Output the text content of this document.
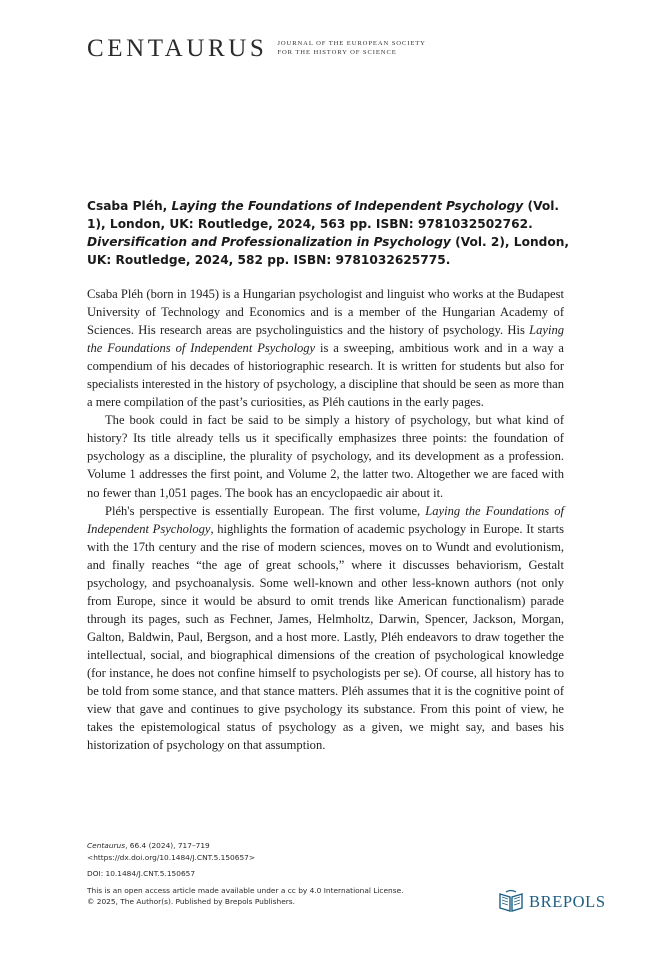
CENTAURUS JOURNAL OF THE EUROPEAN SOCIETY
FOR THE HISTORY OF SCIENCE
Csaba Pléh, Laying the Foundations of Independent Psychology (Vol. 1), London, UK: Routledge, 2024, 563 pp. ISBN: 9781032502762.
Diversification and Professionalization in Psychology (Vol. 2), London, UK: Routledge, 2024, 582 pp. ISBN: 9781032625775.

Csaba Pléh (born in 1945) is a Hungarian psychologist and linguist who works at the Budapest University of Technology and Economics and is a member of the Hungarian Academy of Sciences. His research areas are psycholinguistics and the history of psychology. His Laying the Foundations of Independent Psychology is a sweeping, ambitious work and in a way a compendium of his decades of historiographic research. It is written for students but also for specialists interested in the history of psychology, a discipline that should be seen as more than a mere compilation of the past’s curiosities, as Pléh cautions in the early pages.

The book could in fact be said to be simply a history of psychology, but what kind of history? Its title already tells us it specifically emphasizes three points: the foundation of psychology as a discipline, the plurality of psychology, and its development as a profession. Volume 1 addresses the first point, and Volume 2, the latter two. Altogether we are faced with no fewer than 1,051 pages. The book has an encyclopaedic air about it.

Pléh's perspective is essentially European. The first volume, Laying the Foundations of Independent Psychology, highlights the formation of academic psychology in Europe. It starts with the 17th century and the rise of modern sciences, moves on to Wundt and evolutionism, and finally reaches “the age of great schools,” where it discusses behaviorism, Gestalt psychology, and psychoanalysis. Some well-known and other less-known authors (not only from Europe, since it would be absurd to omit trends like American functionalism) parade through its pages, such as Fechner, James, Helmholtz, Darwin, Spencer, Jackson, Morgan, Galton, Baldwin, Paul, Bergson, and a host more. Lastly, Pléh endeavors to draw together the intellectual, social, and biographical dimensions of the creation of psychological knowledge (for instance, he does not confine himself to psychologists per se). Of course, all history has to be told from some stance, and that stance matters. Pléh assumes that it is the cognitive point of view that gave and continues to give psychology its substance. From this point of view, he takes the epistemological status of psychology as a given, we might say, and bases his historization of psychology on that assumption.

Centaurus, 66.4 (2024), 717–719
<https://dx.doi.org/10.1484/J.CNT.5.150657>
DOI: 10.1484/J.CNT.5.150657
This is an open access article made available under a cc by 4.0 International License.
© 2025, The Author(s). Published by Brepols Publishers.	BREPOLS
